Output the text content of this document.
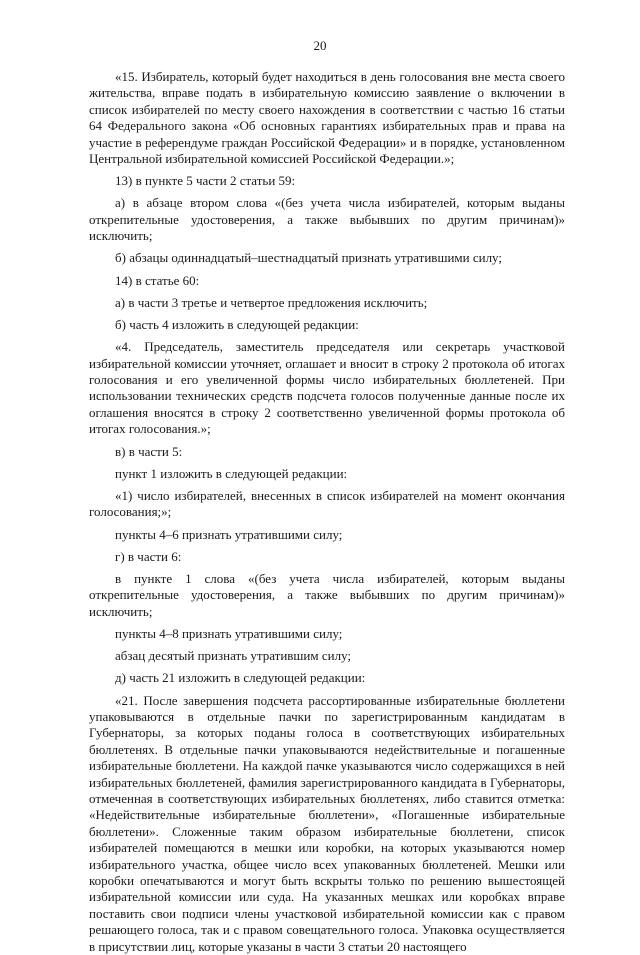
20

«15. Избиратель, который будет находиться в день голосования вне места своего жительства, вправе подать в избирательную комиссию заявление о включении в список избирателей по месту своего нахождения в соответствии с частью 16 статьи 64 Федерального закона «Об основных гарантиях избирательных прав и права на участие в референдуме граждан Российской Федерации» и в порядке, установленном Центральной избирательной комиссией Российской Федерации.»;

13) в пункте 5 части 2 статьи 59:

а) в абзаце втором слова «(без учета числа избирателей, которым выданы открепительные удостоверения, а также выбывших по другим причинам)» исключить;

б) абзацы одиннадцатый–шестнадцатый признать утратившими силу;

14) в статье 60:

а) в части 3 третье и четвертое предложения исключить;

б) часть 4 изложить в следующей редакции:

«4. Председатель, заместитель председателя или секретарь участковой избирательной комиссии уточняет, оглашает и вносит в строку 2 протокола об итогах голосования и его увеличенной формы число избирательных бюллетеней. При использовании технических средств подсчета голосов полученные данные после их оглашения вносятся в строку 2 соответственно увеличенной формы протокола об итогах голосования.»;

в) в части 5:

пункт 1 изложить в следующей редакции:

«1) число избирателей, внесенных в список избирателей на момент окончания голосования;»;

пункты 4–6 признать утратившими силу;

г) в части 6:

в пункте 1 слова «(без учета числа избирателей, которым выданы открепительные удостоверения, а также выбывших по другим причинам)» исключить;

пункты 4–8 признать утратившими силу;

абзац десятый признать утратившим силу;

д) часть 21 изложить в следующей редакции:

«21. После завершения подсчета рассортированные избирательные бюллетени упаковываются в отдельные пачки по зарегистрированным кандидатам в Губернаторы, за которых поданы голоса в соответствующих избирательных бюллетенях. В отдельные пачки упаковываются недействительные и погашенные избирательные бюллетени. На каждой пачке указываются число содержащихся в ней избирательных бюллетеней, фамилия зарегистрированного кандидата в Губернаторы, отмеченная в соответствующих избирательных бюллетенях, либо ставится отметка: «Недействительные избирательные бюллетени», «Погашенные избирательные бюллетени». Сложенные таким образом избирательные бюллетени, список избирателей помещаются в мешки или коробки, на которых указываются номер избирательного участка, общее число всех упакованных бюллетеней. Мешки или коробки опечатываются и могут быть вскрыты только по решению вышестоящей избирательной комиссии или суда. На указанных мешках или коробках вправе поставить свои подписи члены участковой избирательной комиссии как с правом решающего голоса, так и с правом совещательного голоса. Упаковка осуществляется в присутствии лиц, которые указаны в части 3 статьи 20 настоящего
